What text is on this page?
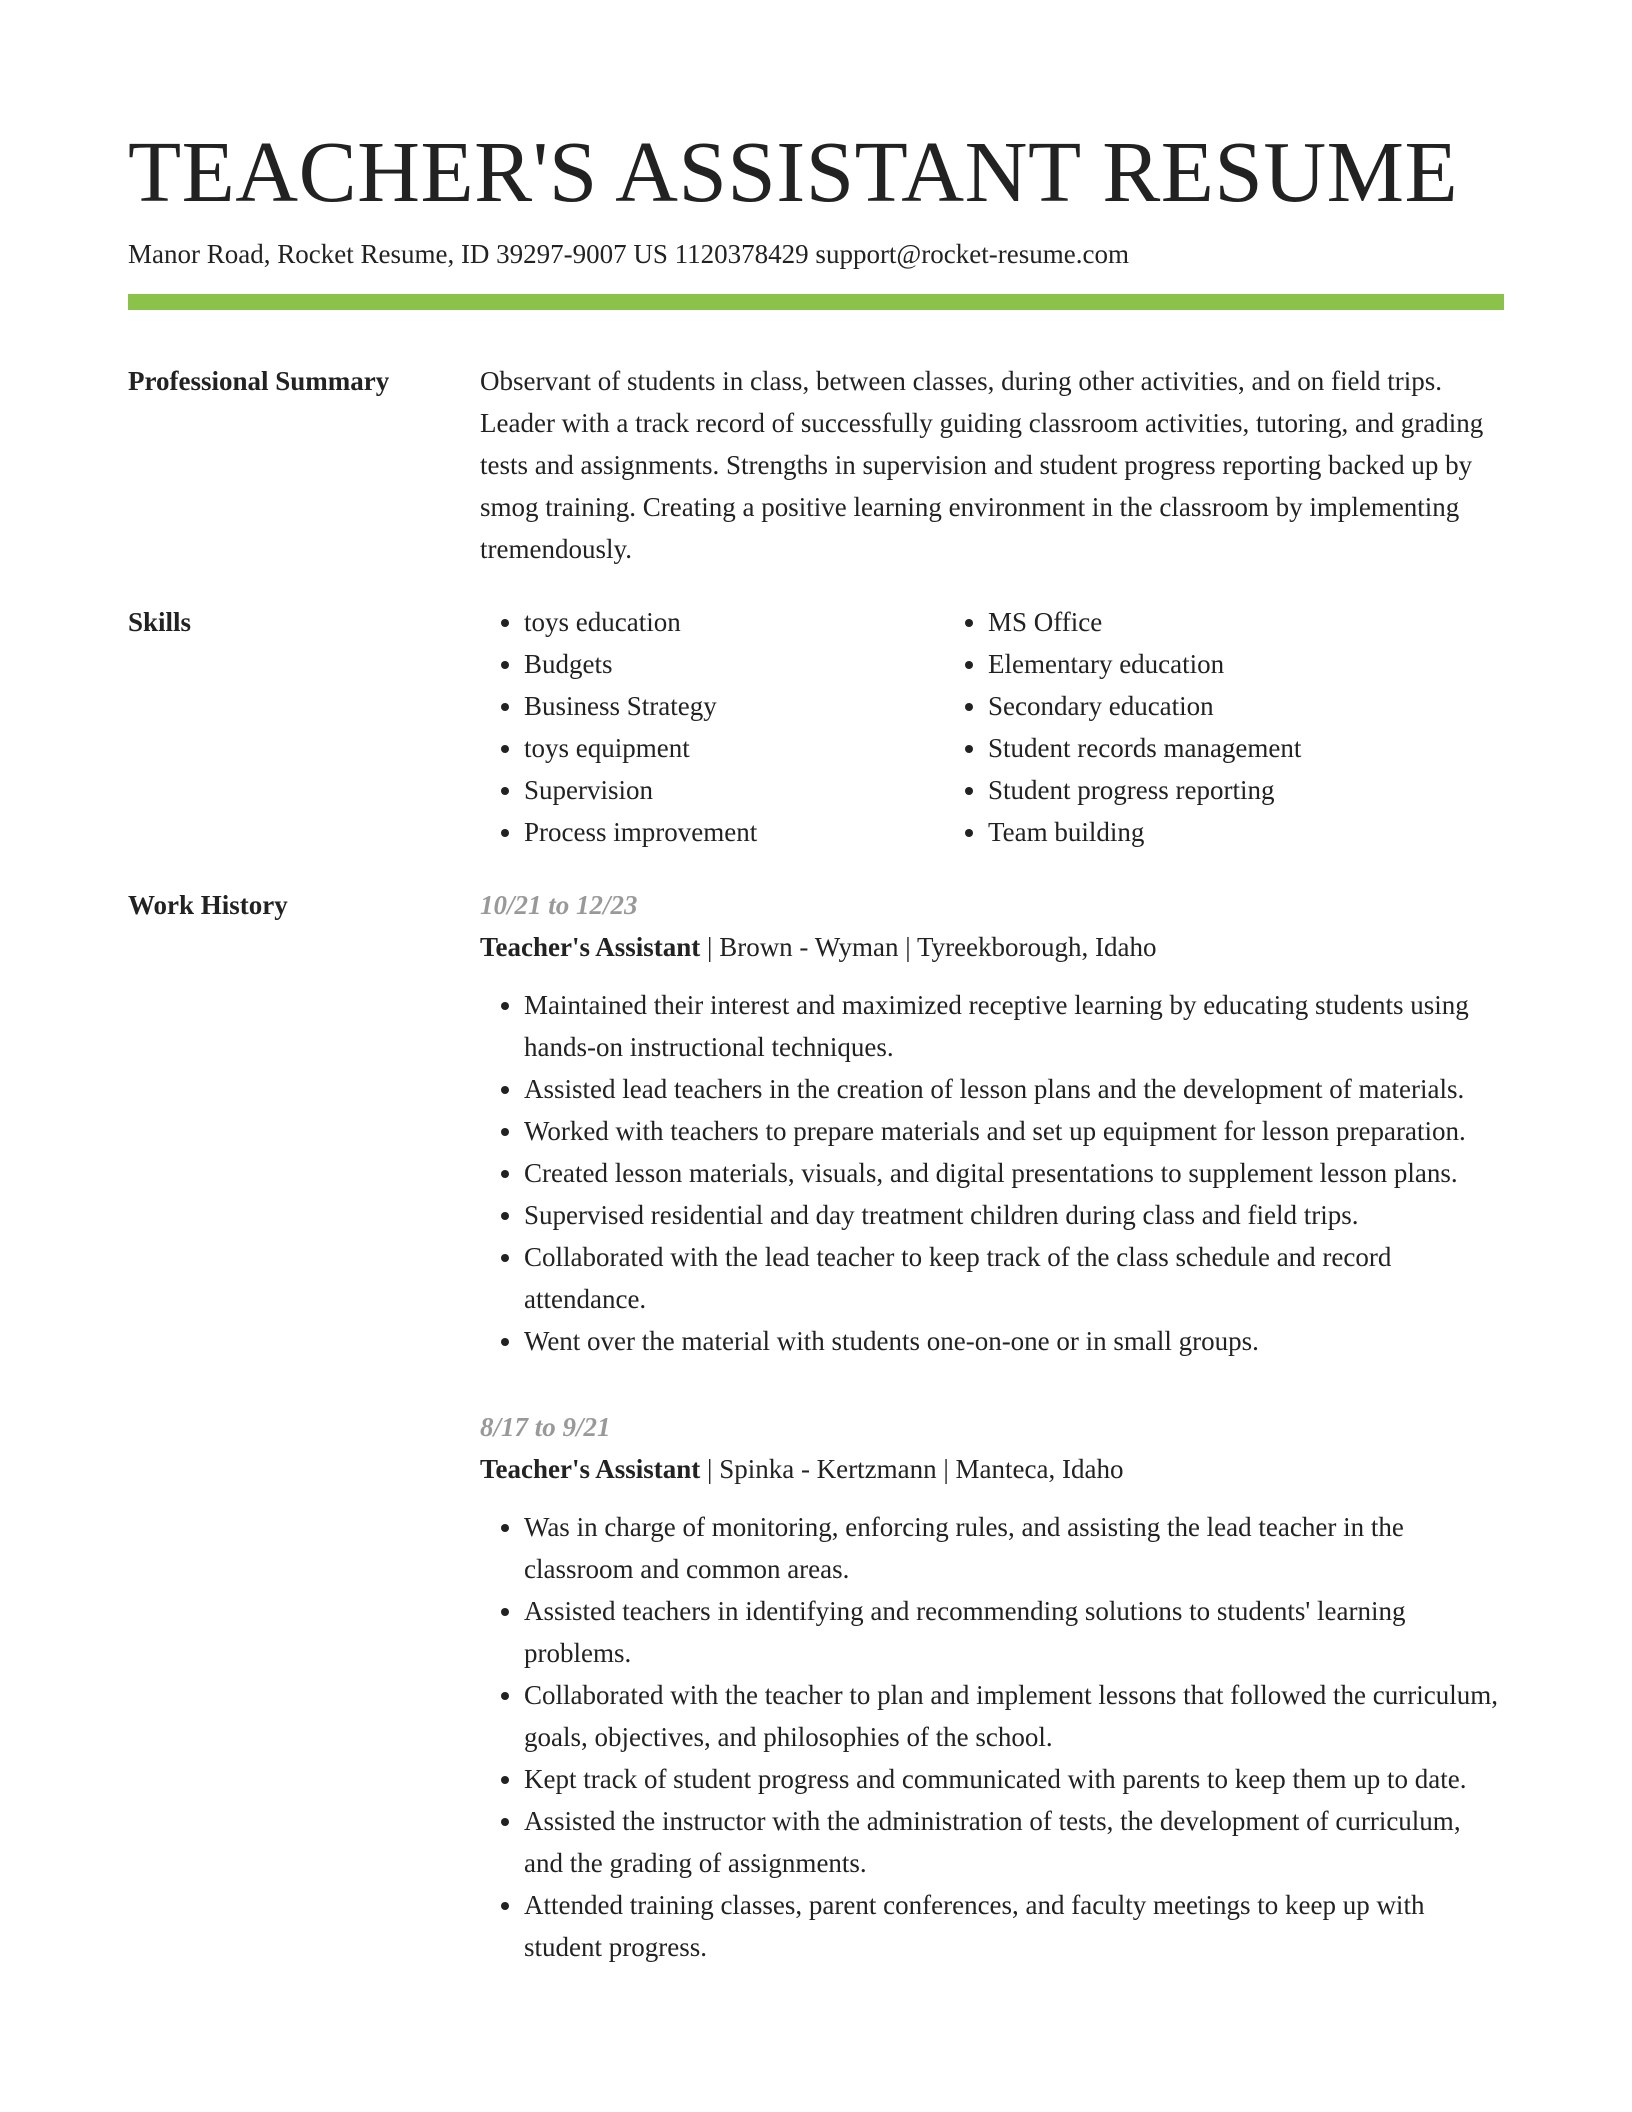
TEACHER'S ASSISTANT RESUME
Manor Road, Rocket Resume, ID 39297-9007 US 1120378429 support@rocket-resume.com
Professional Summary	Observant of students in class, between classes, during other activities, and on field trips. Leader with a track record of successfully guiding classroom activities, tutoring, and grading tests and assignments. Strengths in supervision and student progress reporting backed up by smog training. Creating a positive learning environment in the classroom by implementing tremendously.

Skills
•	toys education
• Budgets
• Business Strategy
• toys equipment
• Supervision
• Process improvement
• MS Office
• Elementary education
• Secondary education
• Student records management
• Student progress reporting
• Team building
Work History	10/21 to 12/23
Teacher's Assistant | Brown - Wyman | Tyreekborough, Idaho
• Maintained their interest and maximized receptive learning by educating students using hands-on instructional techniques.
• Assisted lead teachers in the creation of lesson plans and the development of materials.
• Worked with teachers to prepare materials and set up equipment for lesson preparation.
• Created lesson materials, visuals, and digital presentations to supplement lesson plans.
• Supervised residential and day treatment children during class and field trips.
• Collaborated with the lead teacher to keep track of the class schedule and record attendance.
• Went over the material with students one-on-one or in small groups.
8/17 to 9/21
Teacher's Assistant | Spinka - Kertzmann | Manteca, Idaho
• Was in charge of monitoring, enforcing rules, and assisting the lead teacher in the classroom and common areas.
• Assisted teachers in identifying and recommending solutions to students' learning problems.
• Collaborated with the teacher to plan and implement lessons that followed the curriculum, goals, objectives, and philosophies of the school.
• Kept track of student progress and communicated with parents to keep them up to date.
• Assisted the instructor with the administration of tests, the development of curriculum, and the grading of assignments.
• Attended training classes, parent conferences, and faculty meetings to keep up with student progress.
